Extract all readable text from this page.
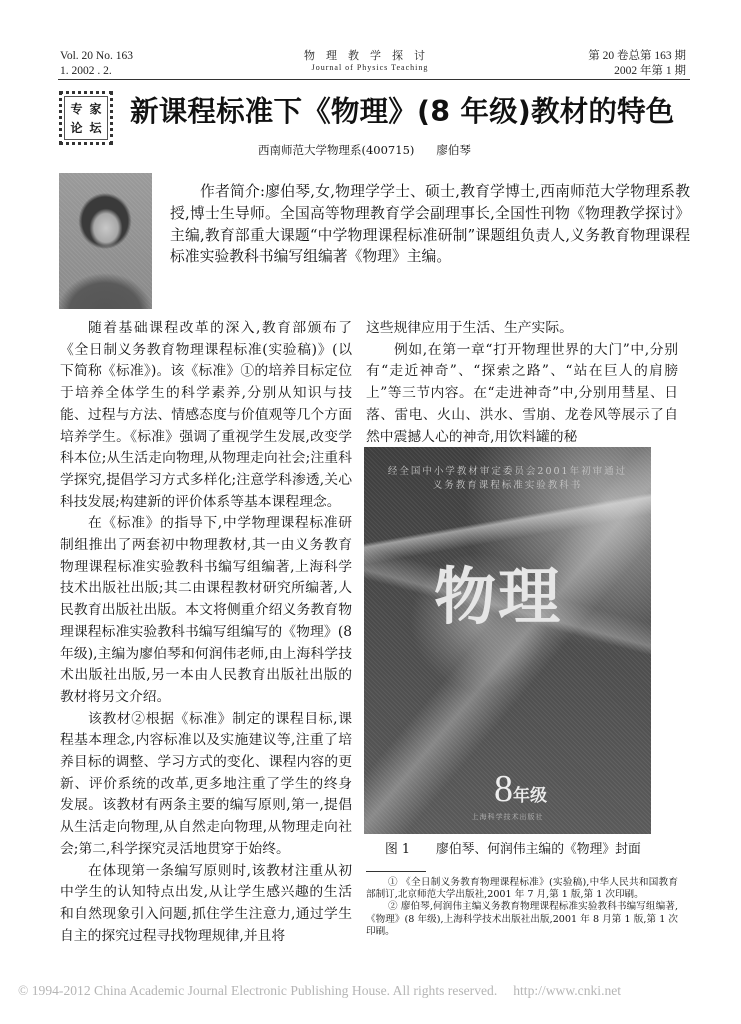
Vol. 20 No. 163
1. 2002 . 2.
物理教学探讨
Journal of Physics Teaching
第 20 卷总第 163 期
2002 年第 1 期
专 家
论 坛 新课程标准下《物理》(8 年级)教材的特色
西南师范大学物理系(400715) 廖伯琴

作者简介:廖伯琴,女,物理学学士、硕士,教育学博士,西南师范大学物理系教授,博士生导师。全国高等物理教育学会副理事长,全国性刊物《物理教学探讨》主编,教育部重大课题“中学物理课程标准研制”课题组负责人,义务教育物理课程标准实验教科书编写组编著《物理》主编。

随着基础课程改革的深入,教育部颁布了《全日制义务教育物理课程标准(实验稿)》(以下简称《标准》)。该《标准》①的培养目标定位于培养全体学生的科学素养,分别从知识与技能、过程与方法、情感态度与价值观等几个方面培养学生。《标准》强调了重视学生发展,改变学科本位;从生活走向物理,从物理走向社会;注重科学探究,提倡学习方式多样化;注意学科渗透,关心科技发展;构建新的评价体系等基本课程理念。

在《标准》的指导下,中学物理课程标准研制组推出了两套初中物理教材,其一由义务教育物理课程标准实验教科书编写组编著,上海科学技术出版社出版;其二由课程教材研究所编著,人民教育出版社出版。本文将侧重介绍义务教育物理课程标准实验教科书编写组编写的《物理》(8 年级),主编为廖伯琴和何润伟老师,由上海科学技术出版社出版,另一本由人民教育出版社出版的教材将另文介绍。

该教材②根据《标准》制定的课程目标,课程基本理念,内容标准以及实施建议等,注重了培养目标的调整、学习方式的变化、课程内容的更新、评价系统的改革,更多地注重了学生的终身发展。该教材有两条主要的编写原则,第一,提倡从生活走向物理,从自然走向物理,从物理走向社会;第二,科学探究灵活地贯穿于始终。

在体现第一条编写原则时,该教材注重从初中学生的认知特点出发,从让学生感兴趣的生活和自然现象引入问题,抓住学生注意力,通过学生自主的探究过程寻找物理规律,并且将

这些规律应用于生活、生产实际。

例如,在第一章“打开物理世界的大门”中,分别有“走近神奇”、“探索之路”、“站在巨人的肩膀上”等三节内容。在“走进神奇”中,分别用彗星、日落、雷电、火山、洪水、雪崩、龙卷风等展示了自然中震撼人心的神奇,用饮料罐的秘

经全国中小学教材审定委员会2001年初审通过
义务教育课程标准实验教科书
物理
8年级
上海科学技术出版社
图 1 廖伯琴、何润伟主编的《物理》封面

① 《全日制义务教育物理课程标准》(实验稿),中华人民共和国教育部制订,北京师范大学出版社,2001 年 7 月,第 1 版,第 1 次印刷。

② 廖伯琴,何润伟主编义务教育物理课程标准实验教科书编写组编著,《物理》(8 年级),上海科学技术出版社出版,2001 年 8 月第 1 版,第 1 次印刷。

© 1994-2012 China Academic Journal Electronic Publishing House. All rights reserved. http://www.cnki.net
